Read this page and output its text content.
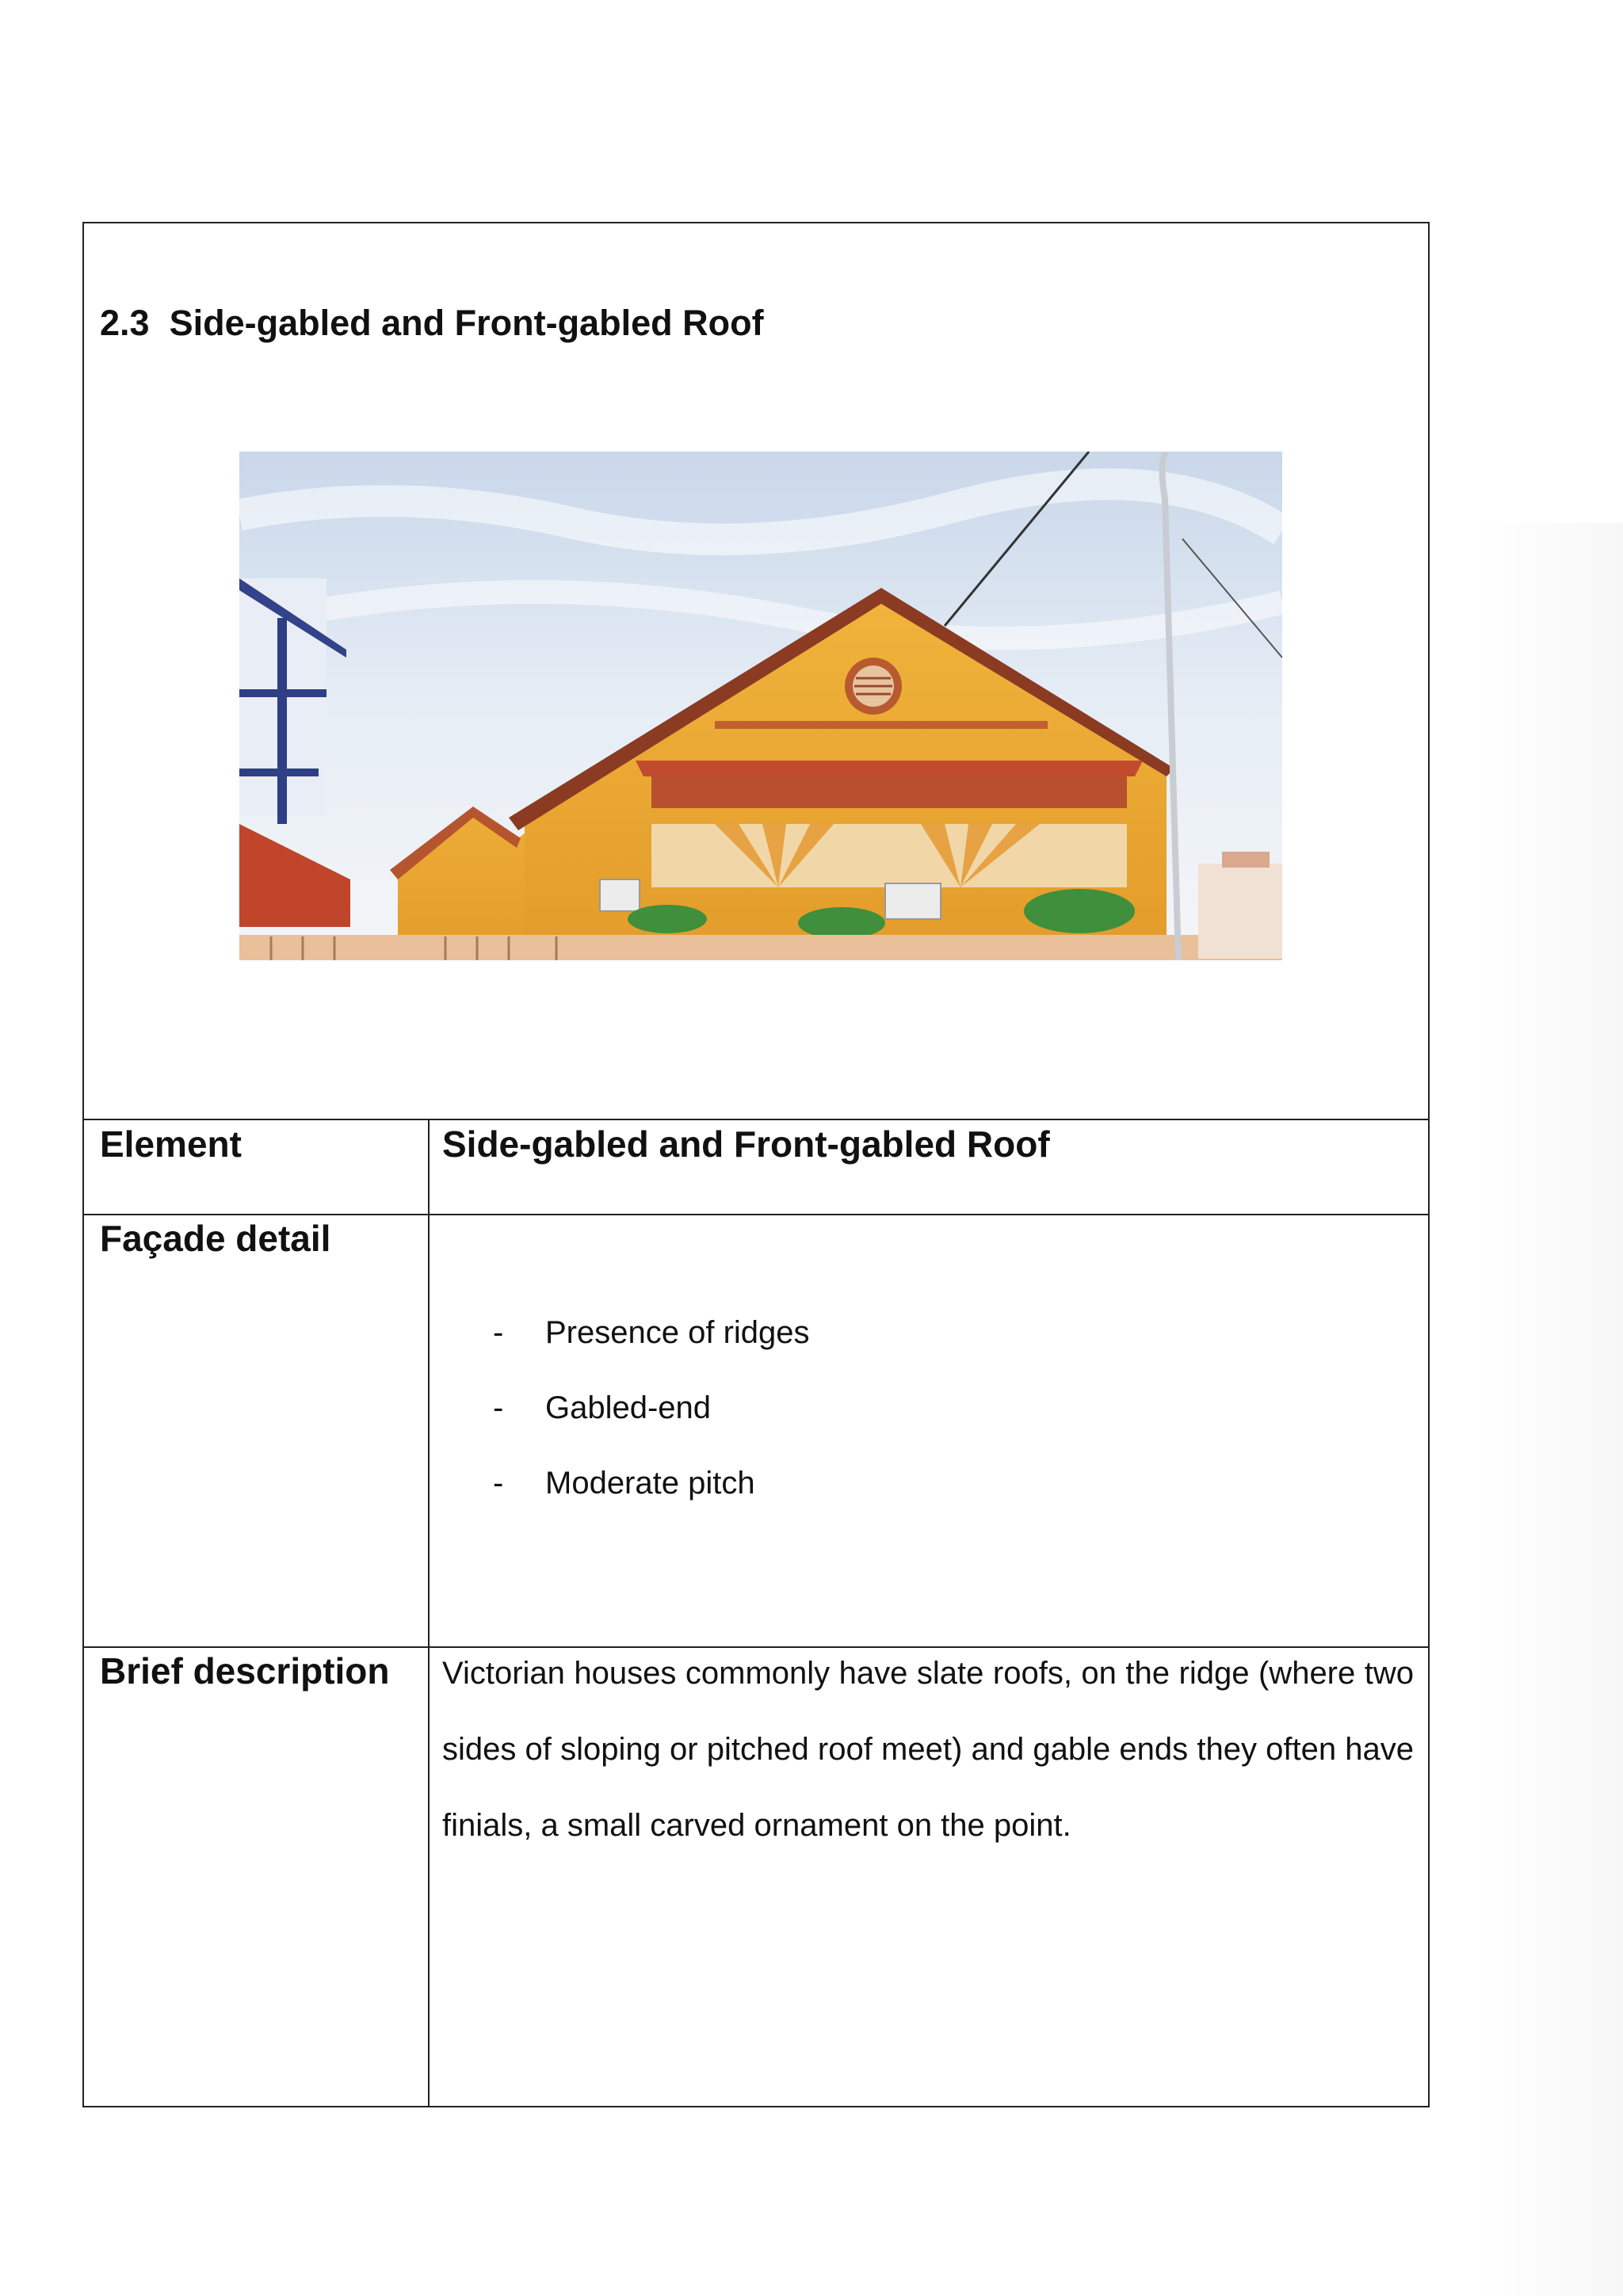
2.3 Side-gabled and Front-gabled Roof
Element	Side-gabled and Front-gabled Roof
Façade detail
- Presence of ridges
- Gabled-end
- Moderate pitch
Brief description Victorian houses commonly have slate roofs, on the ridge (where two sides of sloping or pitched roof meet) and gable ends they often have finials, a small carved ornament on the point.
